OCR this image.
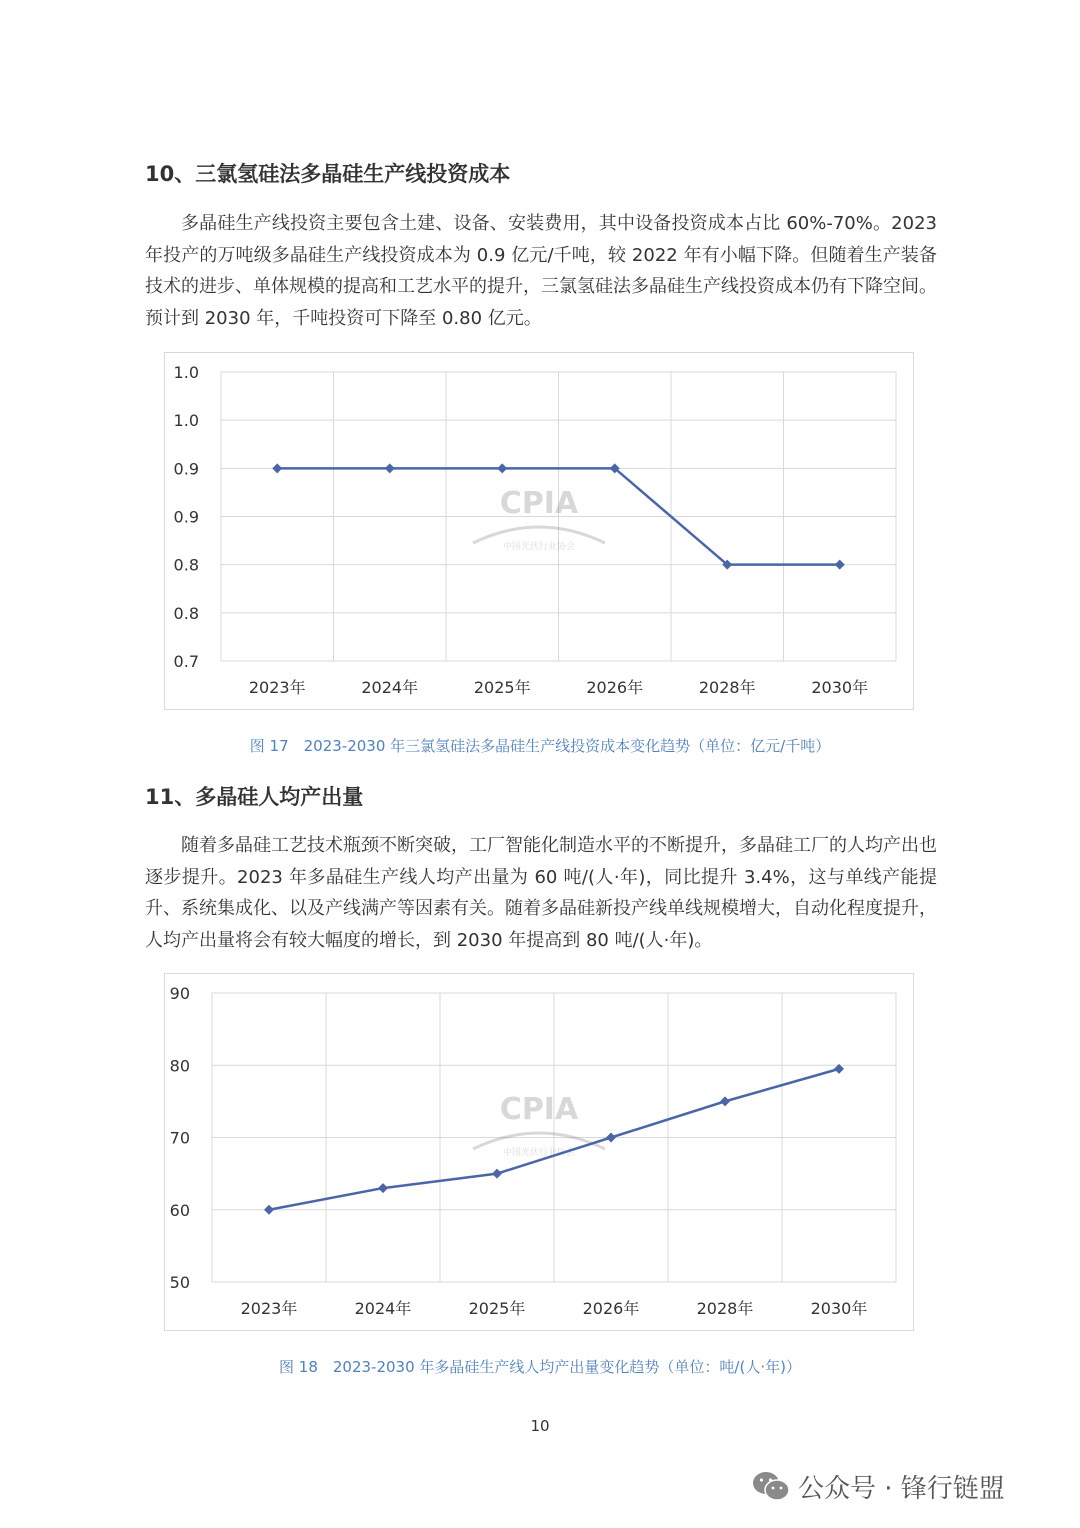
10、三氯氢硅法多晶硅生产线投资成本

多晶硅生产线投资主要包含土建、设备、安装费用，其中设备投资成本占比 60%-70%。2023 年投产的万吨级多晶硅生产线投资成本为 0.9 亿元/千吨，较 2022 年有小幅下降。但随着生产装备技术的进步、单体规模的提高和工艺水平的提升，三氯氢硅法多晶硅生产线投资成本仍有下降空间。预计到 2030 年，千吨投资可下降至 0.80 亿元。

0.7
0.8
0.8
0.9
0.9
1.0
1.0
2023年	2024年	2025年	2026年	2028年	2030年
CPIA
中国光伏行业协会

图 17　2023-2030 年三氯氢硅法多晶硅生产线投资成本变化趋势（单位：亿元/千吨）

11、多晶硅人均产出量

随着多晶硅工艺技术瓶颈不断突破，工厂智能化制造水平的不断提升，多晶硅工厂的人均产出也逐步提升。2023 年多晶硅生产线人均产出量为 60 吨/(人·年)，同比提升 3.4%，这与单线产能提升、系统集成化、以及产线满产等因素有关。随着多晶硅新投产线单线规模增大，自动化程度提升，人均产出量将会有较大幅度的增长，到 2030 年提高到 80 吨/(人·年)。

50
60
70
80
90
2023年	2024年	2025年	2026年	2028年	2030年
CPIA
中国光伏行业协会

图 18　2023-2030 年多晶硅生产线人均产出量变化趋势（单位：吨/(人·年)）

10
公众号 · 锋行链盟
